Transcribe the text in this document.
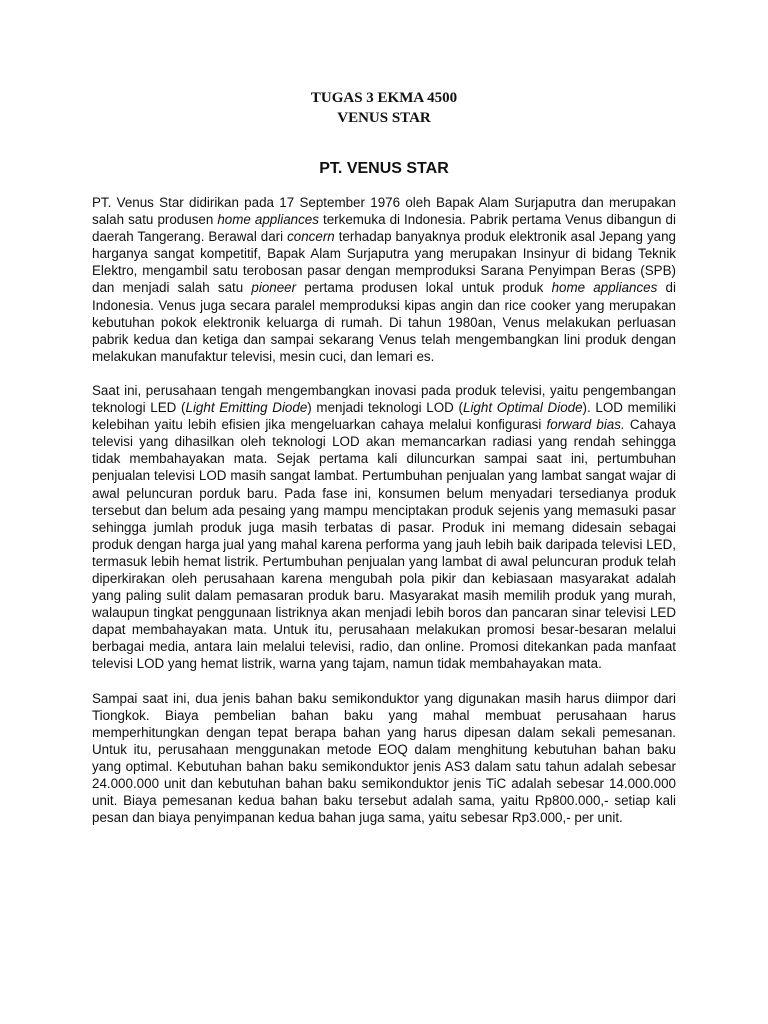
TUGAS 3 EKMA 4500

VENUS STAR

PT. VENUS STAR

PT. Venus Star didirikan pada 17 September 1976 oleh Bapak Alam Surjaputra dan merupakan salah satu produsen home appliances terkemuka di Indonesia. Pabrik pertama Venus dibangun di daerah Tangerang. Berawal dari concern terhadap banyaknya produk elektronik asal Jepang yang harganya sangat kompetitif, Bapak Alam Surjaputra yang merupakan Insinyur di bidang Teknik Elektro, mengambil satu terobosan pasar dengan memproduksi Sarana Penyimpan Beras (SPB) dan menjadi salah satu pioneer pertama produsen lokal untuk produk home appliances di Indonesia. Venus juga secara paralel memproduksi kipas angin dan rice cooker yang merupakan kebutuhan pokok elektronik keluarga di rumah. Di tahun 1980an, Venus melakukan perluasan pabrik kedua dan ketiga dan sampai sekarang Venus telah mengembangkan lini produk dengan melakukan manufaktur televisi, mesin cuci, dan lemari es.

Saat ini, perusahaan tengah mengembangkan inovasi pada produk televisi, yaitu pengembangan teknologi LED (Light Emitting Diode) menjadi teknologi LOD (Light Optimal Diode). LOD memiliki kelebihan yaitu lebih efisien jika mengeluarkan cahaya melalui konfigurasi forward bias. Cahaya televisi yang dihasilkan oleh teknologi LOD akan memancarkan radiasi yang rendah sehingga tidak membahayakan mata. Sejak pertama kali diluncurkan sampai saat ini, pertumbuhan penjualan televisi LOD masih sangat lambat. Pertumbuhan penjualan yang lambat sangat wajar di awal peluncuran porduk baru. Pada fase ini, konsumen belum menyadari tersedianya produk tersebut dan belum ada pesaing yang mampu menciptakan produk sejenis yang memasuki pasar sehingga jumlah produk juga masih terbatas di pasar. Produk ini memang didesain sebagai produk dengan harga jual yang mahal karena performa yang jauh lebih baik daripada televisi LED, termasuk lebih hemat listrik. Pertumbuhan penjualan yang lambat di awal peluncuran produk telah diperkirakan oleh perusahaan karena mengubah pola pikir dan kebiasaan masyarakat adalah yang paling sulit dalam pemasaran produk baru. Masyarakat masih memilih produk yang murah, walaupun tingkat penggunaan listriknya akan menjadi lebih boros dan pancaran sinar televisi LED dapat membahayakan mata. Untuk itu, perusahaan melakukan promosi besar-besaran melalui berbagai media, antara lain melalui televisi, radio, dan online. Promosi ditekankan pada manfaat televisi LOD yang hemat listrik, warna yang tajam, namun tidak membahayakan mata.

Sampai saat ini, dua jenis bahan baku semikonduktor yang digunakan masih harus diimpor dari Tiongkok. Biaya pembelian bahan baku yang mahal membuat perusahaan harus memperhitungkan dengan tepat berapa bahan yang harus dipesan dalam sekali pemesanan. Untuk itu, perusahaan menggunakan metode EOQ dalam menghitung kebutuhan bahan baku yang optimal. Kebutuhan bahan baku semikonduktor jenis AS3 dalam satu tahun adalah sebesar 24.000.000 unit dan kebutuhan bahan baku semikonduktor jenis TiC adalah sebesar 14.000.000 unit. Biaya pemesanan kedua bahan baku tersebut adalah sama, yaitu Rp800.000,- setiap kali pesan dan biaya penyimpanan kedua bahan juga sama, yaitu sebesar Rp3.000,- per unit.
